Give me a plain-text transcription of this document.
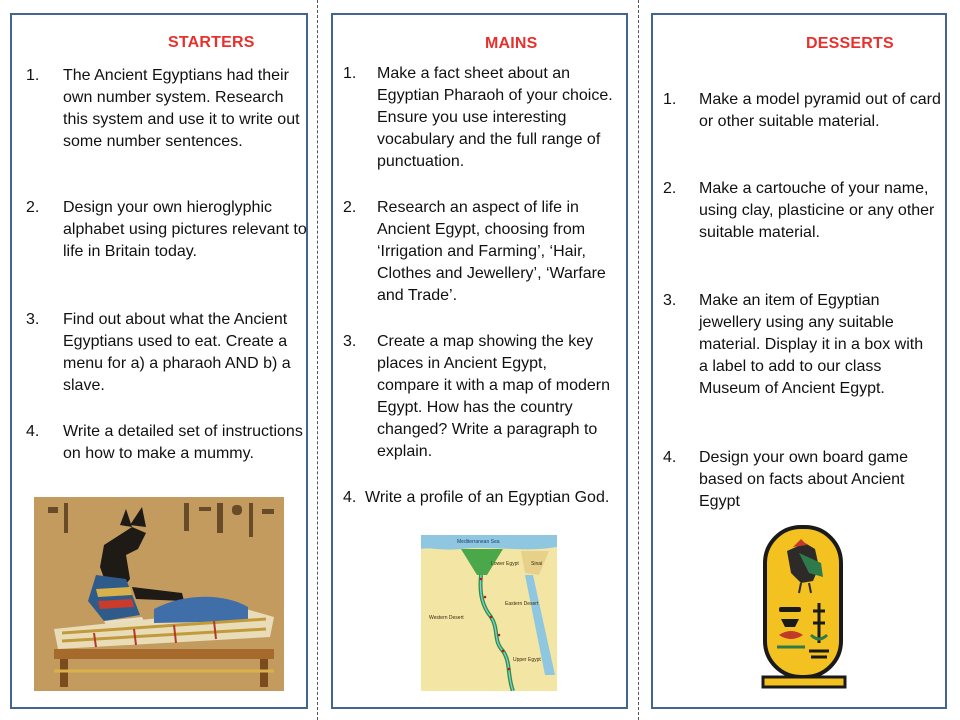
STARTERS
1. The Ancient Egyptians had their own number system. Research this system and use it to write out some number sentences.
2. Design your own hieroglyphic alphabet using pictures relevant to life in Britain today.
3. Find out about what the Ancient Egyptians used to eat. Create a menu for a) a pharaoh AND b) a slave.
4. Write a detailed set of instructions on how to make a mummy.
MAINS
1. Make a fact sheet about an Egyptian Pharaoh of your choice. Ensure you use interesting vocabulary and the full range of punctuation.
2. Research an aspect of life in Ancient Egypt, choosing from ‘Irrigation and Farming’, ‘Hair, Clothes and Jewellery’, ‘Warfare and Trade’.
3. Create a map showing the key places in Ancient Egypt, compare it with a map of modern Egypt. How has the country changed? Write a paragraph to explain.
4. Write a profile of an Egyptian God.
Mediterranean Sea
Sinai
Lower Egypt
Western Desert
Eastern Desert
Upper Egypt
DESSERTS
1. Make a model pyramid out of card or other suitable material.
2. Make a cartouche of your name, using clay, plasticine or any other suitable material.
3. Make an item of Egyptian jewellery using any suitable material. Display it in a box with a label to add to our class Museum of Ancient Egypt.
4. Design your own board game based on facts about Ancient Egypt
